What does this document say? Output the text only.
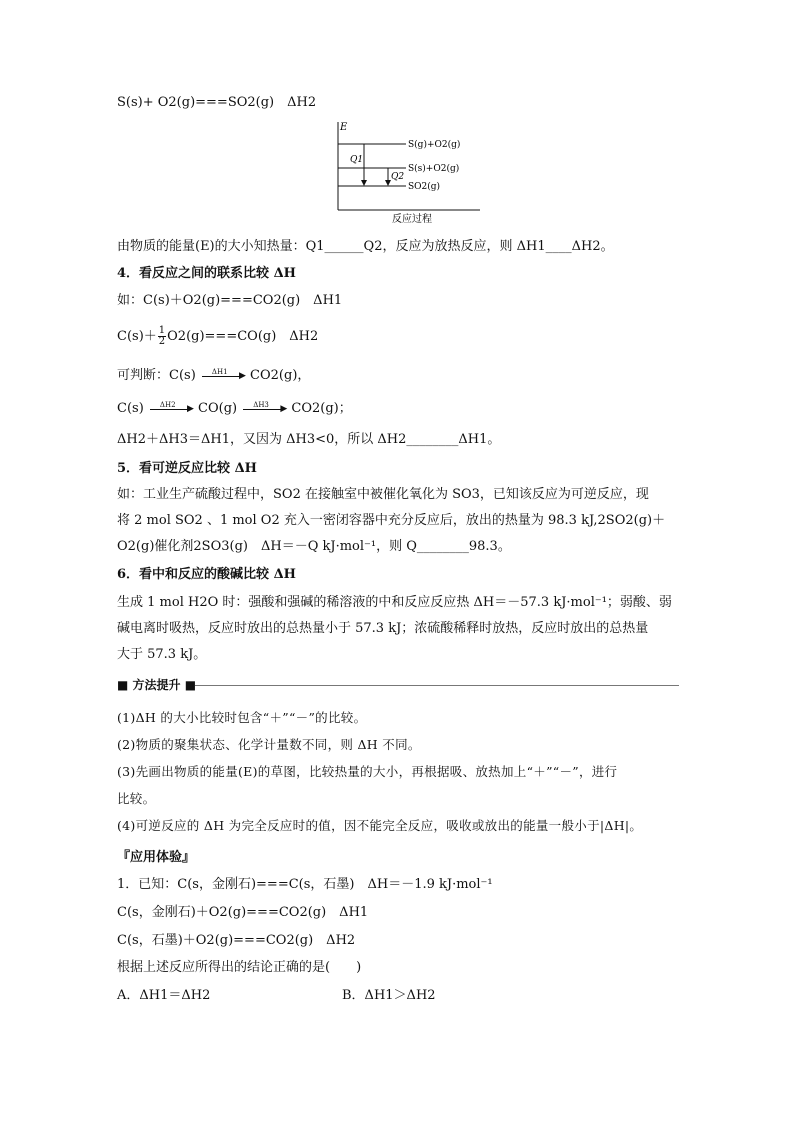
S(s)+ O2(g)===SO2(g)　ΔH2
E
S(g)+O2(g)
S(s)+O2(g)
SO2(g)
Q1
Q2
反应过程
由物质的能量(E)的大小知热量：Q1______Q2，反应为放热反应，则 ΔH1____ΔH2。
4．看反应之间的联系比较 ΔH
如：C(s)＋O2(g)===CO2(g)　ΔH1
$C(s)+ \frac{1}{2} O2(g)===CO(g)$　ΔH2
可判断：C(s) ΔH1 ▶ CO2(g)，
C(s) ΔH2 ▶ CO(g) ΔH3 ▶ CO2(g)；
ΔH2＋ΔH3＝ΔH1，又因为 ΔH3<0，所以 ΔH2________ΔH1。
5．看可逆反应比较 ΔH
如：工业生产硫酸过程中，SO2 在接触室中被催化氧化为 SO3，已知该反应为可逆反应，现
将 2 mol SO2 、1 mol O2 充入一密闭容器中充分反应后，放出的热量为 98.3 kJ,2SO2(g)＋
O2(g)催化剂2SO3(g)　ΔH＝－Q kJ·mol⁻¹，则 Q________98.3。
6．看中和反应的酸碱比较 ΔH
生成 1 mol H2O 时：强酸和强碱的稀溶液的中和反应反应热 ΔH＝－57.3 kJ·mol⁻¹；弱酸、弱
碱电离时吸热，反应时放出的总热量小于 57.3 kJ；浓硫酸稀释时放热，反应时放出的总热量
大于 57.3 kJ。
■ 方法提升 ■
(1)ΔH 的大小比较时包含“＋”“－”的比较。
(2)物质的聚集状态、化学计量数不同，则 ΔH 不同。
(3)先画出物质的能量(E)的草图，比较热量的大小，再根据吸、放热加上“＋”“－”，进行
比较。
(4)可逆反应的 ΔH 为完全反应时的值，因不能完全反应，吸收或放出的能量一般小于|ΔH|。
『应用体验』
1．已知：C(s，金刚石)===C(s，石墨)　ΔH＝－1.9 kJ·mol⁻¹
C(s，金刚石)＋O2(g)===CO2(g)　ΔH1
C(s，石墨)＋O2(g)===CO2(g)　ΔH2
根据上述反应所得出的结论正确的是(　　)
A．ΔH1＝ΔH2	B．ΔH1＞ΔH2
